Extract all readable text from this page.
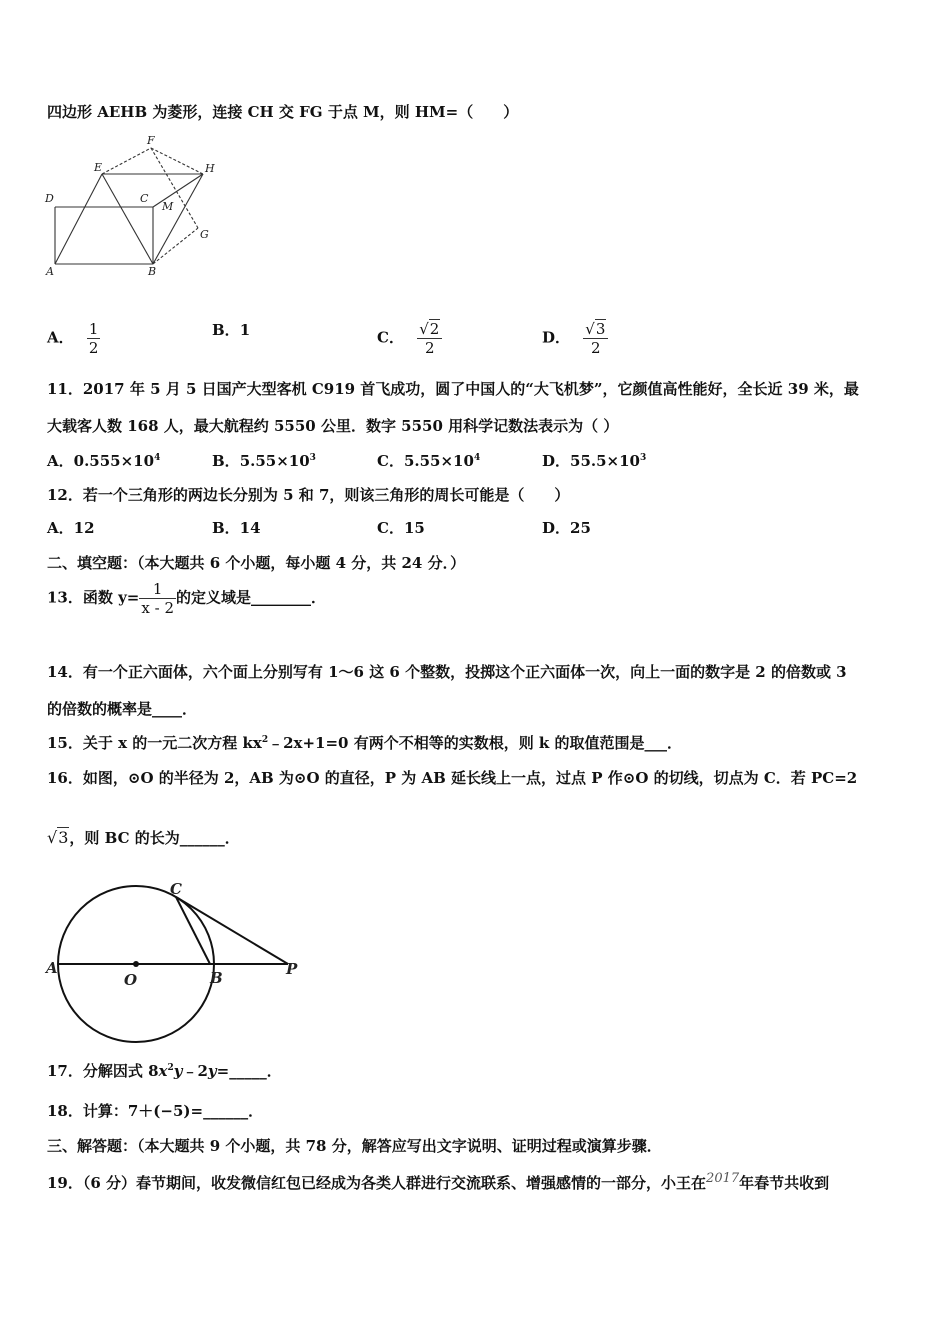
四边形 AEHB 为菱形，连接 CH 交 FG 于点 M，则 HM=（　　）
F
E	H
D	C
M
G
A	B
A． $\frac{1}{2}$	B．1	C． $\frac{√2}{2}$	D． $\frac{√3}{2}$
11．2017 年 5 月 5 日国产大型客机 C919 首飞成功，圆了中国人的“大飞机梦”，它颜值高性能好，全长近 39 米，最
大载客人数 168 人，最大航程约 5550 公里．数字 5550 用科学记数法表示为（ ）
A．$0.555\times 10^4$	B．$5.55\times 10^3$	C．$5.55\times 10^4$	D．$55.5\times 10^3$
12．若一个三角形的两边长分别为 5 和 7，则该三角形的周长可能是（　　）
A．12	B．14	C．15	D．25
二、填空题：（本大题共 6 个小题，每小题 4 分，共 24 分．）
13．函数 $y= \frac{1}{x - 2}$ 的定义域是________．
14．有一个正六面体，六个面上分别写有 1～6 这 6 个整数，投掷这个正六面体一次，向上一面的数字是 2 的倍数或 3
的倍数的概率是____．
15．关于 x 的一元二次方程 $kx^2﹣2x+1=0$ 有两个不相等的实数根，则 k 的取值范围是___．
16．如图，⊙O 的半径为 2，AB 为⊙O 的直径，P 为 AB 延长线上一点，过点 P 作⊙O 的切线，切点为 C．若 PC=2
√3，则 BC 的长为______．
C
A
O	B	P
17．分解因式 $8x^2y﹣2y=\_\_\_\_\_$．
18．计算：7＋(−5)=______．
三、解答题：（本大题共 9 个小题，共 78 分，解答应写出文字说明、证明过程或演算步骤．
19．（6 分）春节期间，收发微信红包已经成为各类人群进行交流联系、增强感情的一部分，小王在$^{2017}$年春节共收到
